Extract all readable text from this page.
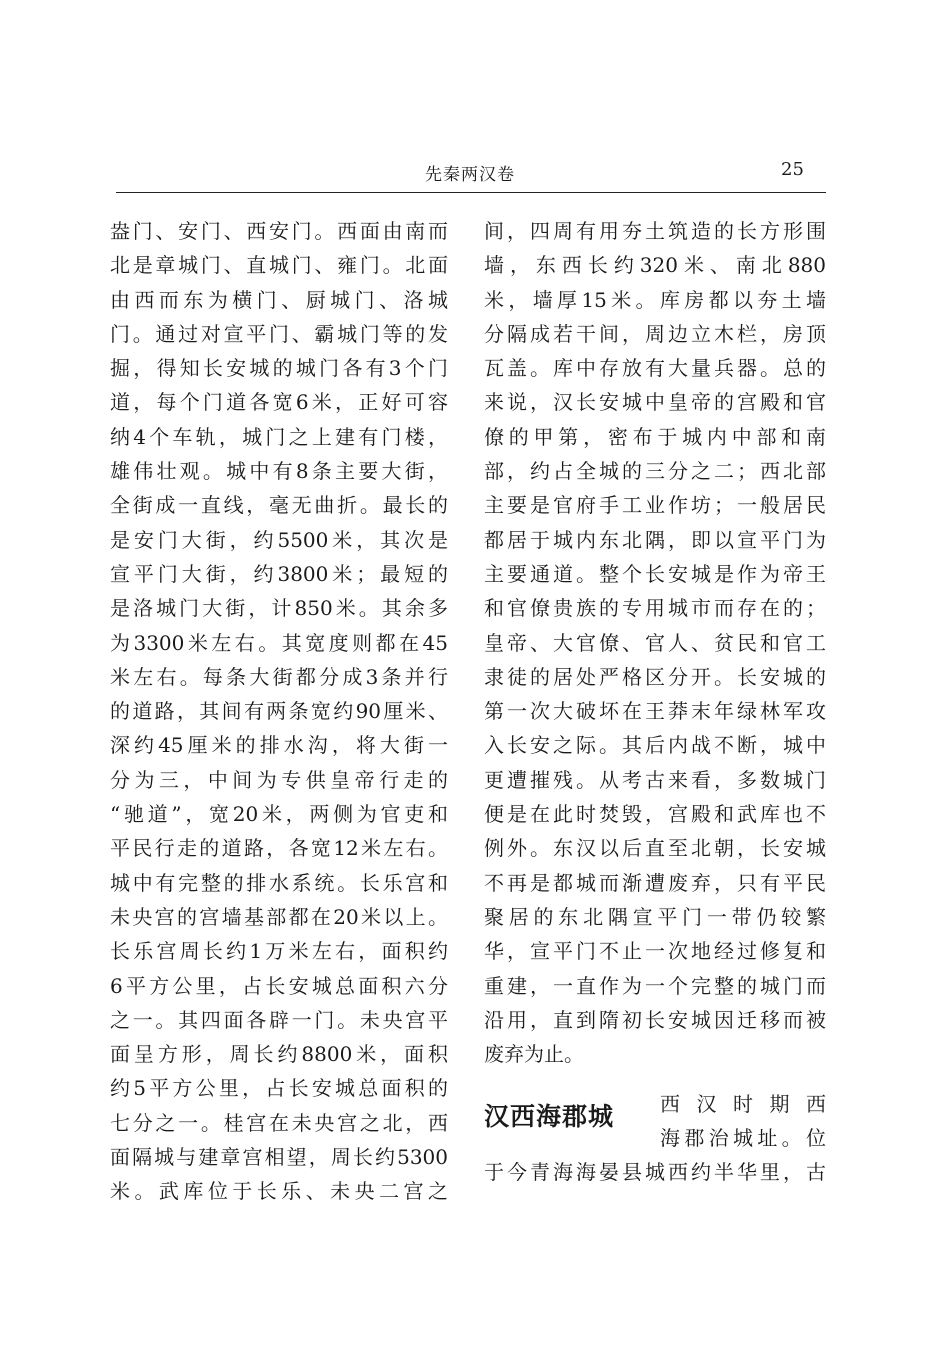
先秦两汉卷	25
盎门、安门、西安门。西面由南而
北是章城门、直城门、雍门。北面
由西而东为横门、厨城门、洛城
门。通过对宣平门、霸城门等的发
掘，得知长安城的城门各有3个门
道，每个门道各宽6米，正好可容
纳4个车轨，城门之上建有门楼，
雄伟壮观。城中有8条主要大街，
全街成一直线，毫无曲折。最长的
是安门大街，约5500米，其次是
宣平门大街，约3800米；最短的
是洛城门大街，计850米。其余多
为3300米左右。其宽度则都在45
米左右。每条大街都分成3条并行
的道路，其间有两条宽约90厘米、
深约45厘米的排水沟，将大街一
分为三，中间为专供皇帝行走的
“驰道”，宽20米，两侧为官吏和
平民行走的道路，各宽12米左右。
城中有完整的排水系统。长乐宫和
未央宫的宫墙基部都在20米以上。
长乐宫周长约1万米左右，面积约
6平方公里，占长安城总面积六分
之一。其四面各辟一门。未央宫平
面呈方形，周长约8800米，面积
约5平方公里，占长安城总面积的
七分之一。桂宫在未央宫之北，西
面隔城与建章宫相望，周长约5300
米。武库位于长乐、未央二宫之
间，四周有用夯土筑造的长方形围
墙，东西长约320米、南北880
米，墙厚15米。库房都以夯土墙
分隔成若干间，周边立木栏，房顶
瓦盖。库中存放有大量兵器。总的
来说，汉长安城中皇帝的宫殿和官
僚的甲第，密布于城内中部和南
部，约占全城的三分之二；西北部
主要是官府手工业作坊；一般居民
都居于城内东北隅，即以宣平门为
主要通道。整个长安城是作为帝王
和官僚贵族的专用城市而存在的；
皇帝、大官僚、官人、贫民和官工
隶徒的居处严格区分开。长安城的
第一次大破坏在王莽末年绿林军攻
入长安之际。其后内战不断，城中
更遭摧残。从考古来看，多数城门
便是在此时焚毁，宫殿和武库也不
例外。东汉以后直至北朝，长安城
不再是都城而渐遭废弃，只有平民
聚居的东北隅宣平门一带仍较繁
华，宣平门不止一次地经过修复和
重建，一直作为一个完整的城门而
沿用，直到隋初长安城因迁移而被
废弃为止。
汉西海郡城 西汉时期西
海郡治城址。位
于今青海海晏县城西约半华里，古
